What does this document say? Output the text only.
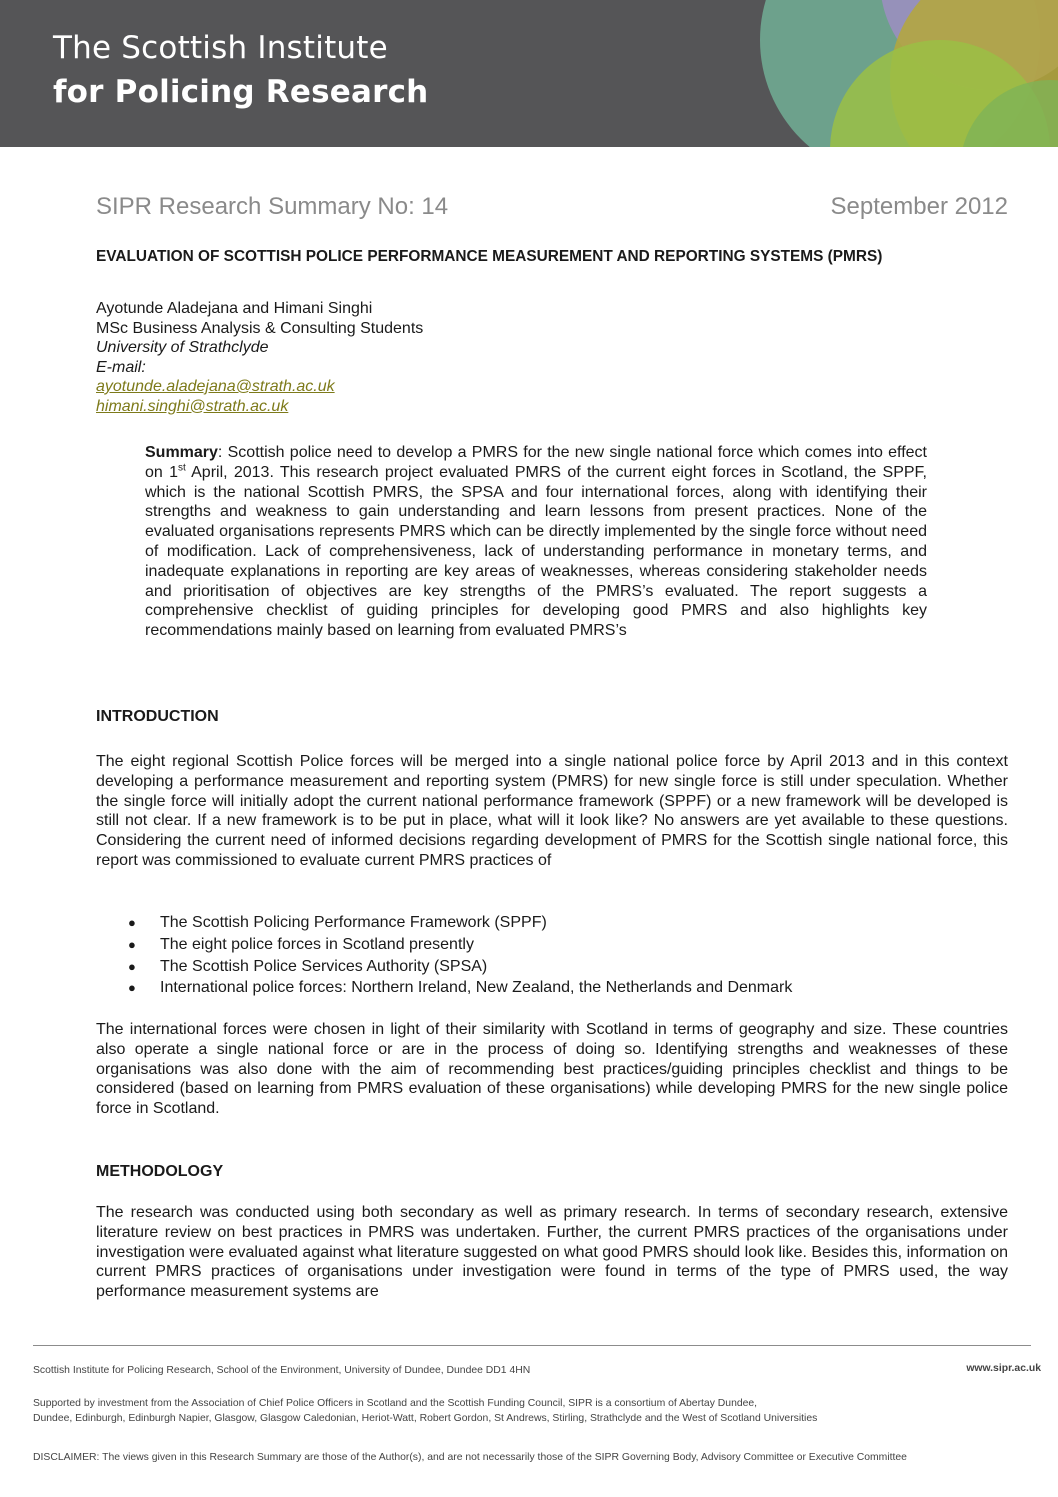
The Scottish Institute
for Policing Research
SIPR Research Summary No: 14	September 2012
EVALUATION OF SCOTTISH POLICE PERFORMANCE MEASUREMENT AND REPORTING SYSTEMS (PMRS)
Ayotunde Aladejana and Himani Singhi
MSc Business Analysis & Consulting Students
University of Strathclyde
E-mail:
ayotunde.aladejana@strath.ac.uk
himani.singhi@strath.ac.uk
Summary: Scottish police need to develop a PMRS for the new single national force which comes into effect on 1st April, 2013. This research project evaluated PMRS of the current eight forces in Scotland, the SPPF, which is the national Scottish PMRS, the SPSA and four international forces, along with identifying their strengths and weakness to gain understanding and learn lessons from present practices. None of the evaluated organisations represents PMRS which can be directly implemented by the single force without need of modification. Lack of comprehensiveness, lack of understanding performance in monetary terms, and inadequate explanations in reporting are key areas of weaknesses, whereas considering stakeholder needs and prioritisation of objectives are key strengths of the PMRS’s evaluated. The report suggests a comprehensive checklist of guiding principles for developing good PMRS and also highlights key recommendations mainly based on learning from evaluated PMRS’s
INTRODUCTION
The eight regional Scottish Police forces will be merged into a single national police force by April 2013 and in this context developing a performance measurement and reporting system (PMRS) for new single force is still under speculation. Whether the single force will initially adopt the current national performance framework (SPPF) or a new framework will be developed is still not clear. If a new framework is to be put in place, what will it look like? No answers are yet available to these questions. Considering the current need of informed decisions regarding development of PMRS for the Scottish single national force, this report was commissioned to evaluate current PMRS practices of
● The Scottish Policing Performance Framework (SPPF)
● The eight police forces in Scotland presently
● The Scottish Police Services Authority (SPSA)
● International police forces: Northern Ireland, New Zealand, the Netherlands and Denmark
The international forces were chosen in light of their similarity with Scotland in terms of geography and size. These countries also operate a single national force or are in the process of doing so. Identifying strengths and weaknesses of these organisations was also done with the aim of recommending best practices/guiding principles checklist and things to be considered (based on learning from PMRS evaluation of these organisations) while developing PMRS for the new single police force in Scotland.
METHODOLOGY
The research was conducted using both secondary as well as primary research. In terms of secondary research, extensive literature review on best practices in PMRS was undertaken. Further, the current PMRS practices of the organisations under investigation were evaluated against what literature suggested on what good PMRS should look like. Besides this, information on current PMRS practices of organisations under investigation were found in terms of the type of PMRS used, the way performance measurement systems are
Scottish Institute for Policing Research, School of the Environment, University of Dundee, Dundee DD1 4HN	www.sipr.ac.uk
Supported by investment from the Association of Chief Police Officers in Scotland and the Scottish Funding Council, SIPR is a consortium of Abertay Dundee,
Dundee, Edinburgh, Edinburgh Napier, Glasgow, Glasgow Caledonian, Heriot-Watt, Robert Gordon, St Andrews, Stirling, Strathclyde and the West of Scotland Universities
DISCLAIMER: The views given in this Research Summary are those of the Author(s), and are not necessarily those of the SIPR Governing Body, Advisory Committee or Executive Committee
